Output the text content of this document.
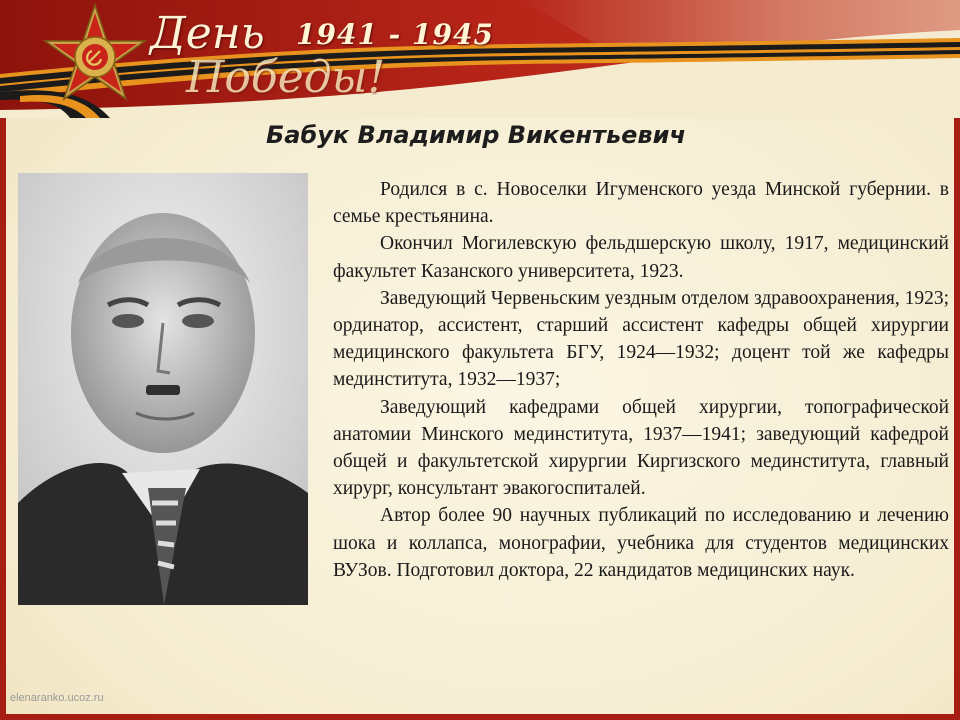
День
Победы!
1941 - 1945
Бабук Владимир Викентьевич

Родился в с. Новоселки Игуменского уезда Минской губернии. в семье крестьянина.

Окончил Могилевскую фельдшерскую школу, 1917, медицинский факультет Казанского университета, 1923.

Заведующий Червеньским уездным отделом здравоохранения, 1923; ординатор, ассистент, старший ассистент кафедры общей хирургии медицинского факультета БГУ, 1924—1932; доцент той же кафедры мединститута, 1932—1937;

Заведующий кафедрами общей хирургии, топографической анатомии Минского мединститута, 1937—1941; заведующий кафедрой общей и факультетской хирургии Киргизского мединститута, главный хирург, консультант эвакогоспиталей.

Автор более 90 научных публикаций по исследованию и лечению шока и коллапса, монографии, учебника для студентов медицинских ВУЗов. Подготовил доктора, 22 кандидатов медицинских наук.

elenaranko.ucoz.ru
